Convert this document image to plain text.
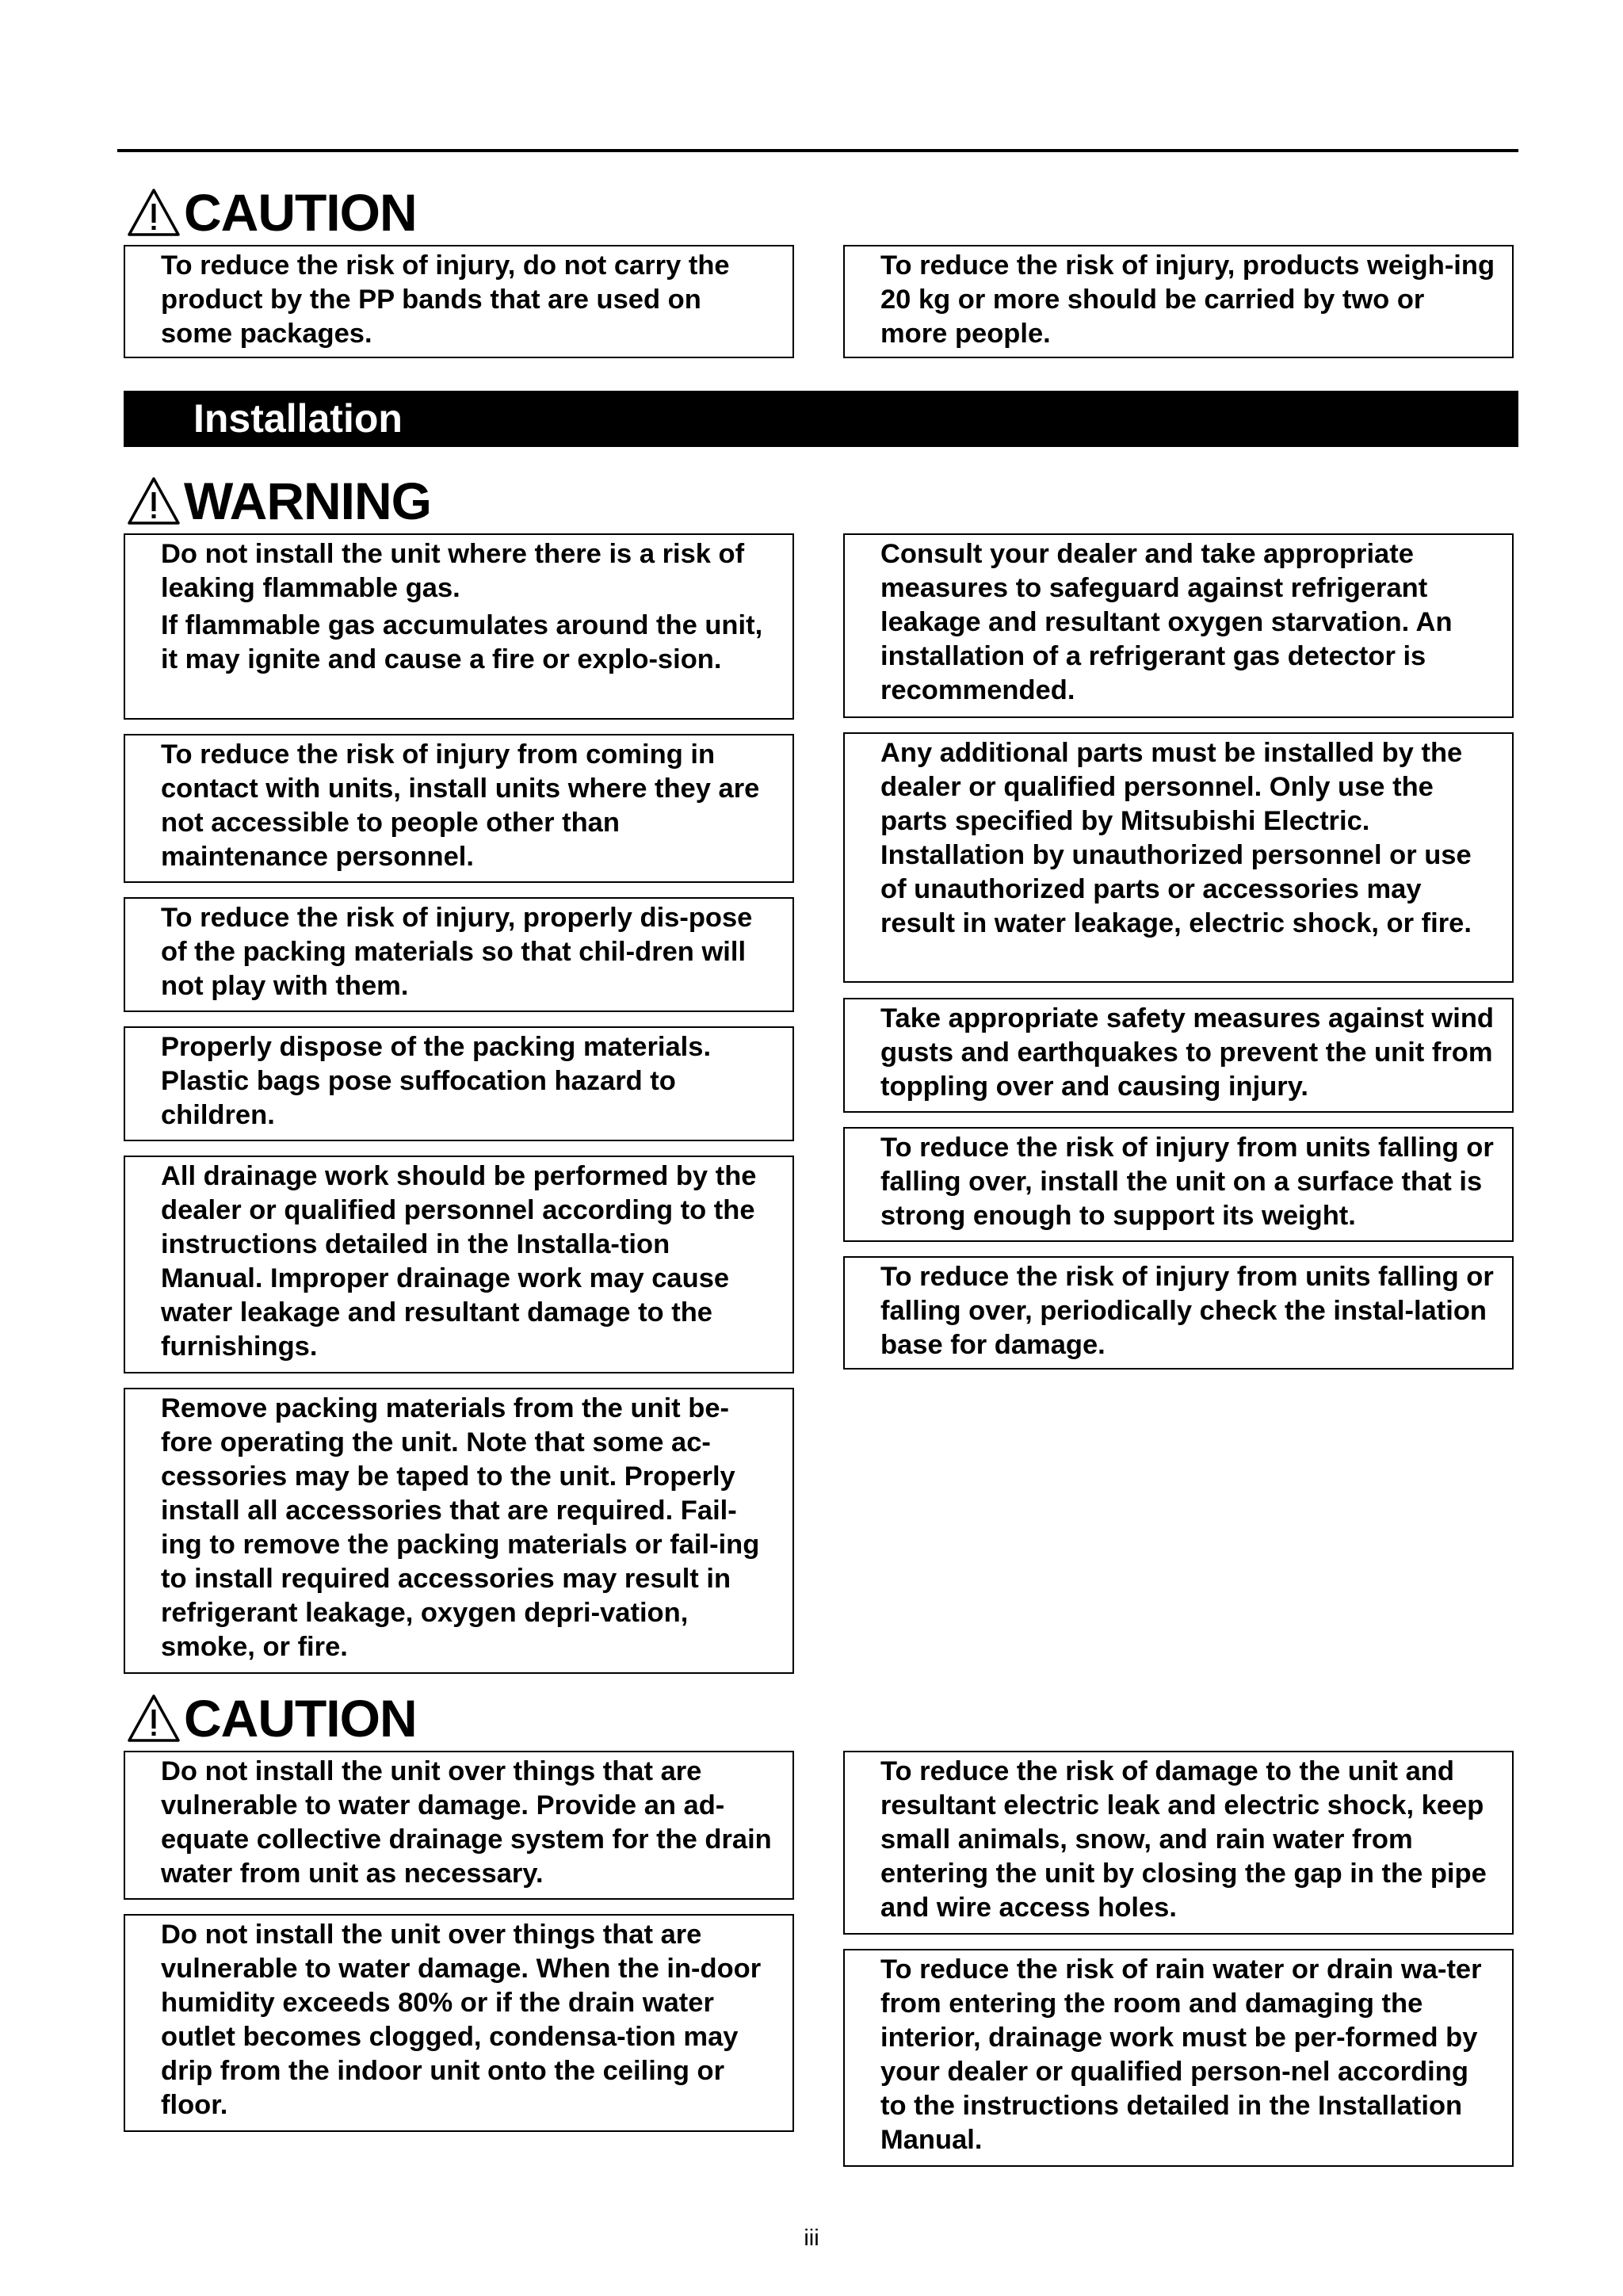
CAUTION

To reduce the risk of injury, do not carry the product by the PP bands that are used on some packages.

To reduce the risk of injury, products weigh-ing 20 kg or more should be carried by two or more people.

Installation
WARNING

Do not install the unit where there is a risk of leaking flammable gas.

If flammable gas accumulates around the unit, it may ignite and cause a fire or explo-sion.

To reduce the risk of injury from coming in contact with units, install units where they are not accessible to people other than maintenance personnel.

To reduce the risk of injury, properly dis-pose of the packing materials so that chil-dren will not play with them.

Properly dispose of the packing materials. Plastic bags pose suffocation hazard to children.

All drainage work should be performed by the dealer or qualified personnel according to the instructions detailed in the Installa-tion Manual. Improper drainage work may cause water leakage and resultant damage to the furnishings.

Remove packing materials from the unit be-fore operating the unit. Note that some ac-cessories may be taped to the unit. Properly install all accessories that are required. Fail-ing to remove the packing materials or fail-ing to install required accessories may result in refrigerant leakage, oxygen depri-vation, smoke, or fire.

Consult your dealer and take appropriate measures to safeguard against refrigerant leakage and resultant oxygen starvation. An installation of a refrigerant gas detector is recommended.

Any additional parts must be installed by the dealer or qualified personnel. Only use the parts specified by Mitsubishi Electric. Installation by unauthorized personnel or use of unauthorized parts or accessories may result in water leakage, electric shock, or fire.

Take appropriate safety measures against wind gusts and earthquakes to prevent the unit from toppling over and causing injury.

To reduce the risk of injury from units falling or falling over, install the unit on a surface that is strong enough to support its weight.

To reduce the risk of injury from units falling or falling over, periodically check the instal-lation base for damage.

CAUTION

Do not install the unit over things that are vulnerable to water damage. Provide an ad-equate collective drainage system for the drain water from unit as necessary.

Do not install the unit over things that are vulnerable to water damage. When the in-door humidity exceeds 80% or if the drain water outlet becomes clogged, condensa-tion may drip from the indoor unit onto the ceiling or floor.

To reduce the risk of damage to the unit and resultant electric leak and electric shock, keep small animals, snow, and rain water from entering the unit by closing the gap in the pipe and wire access holes.

To reduce the risk of rain water or drain wa-ter from entering the room and damaging the interior, drainage work must be per-formed by your dealer or qualified person-nel according to the instructions detailed in the Installation Manual.

iii
